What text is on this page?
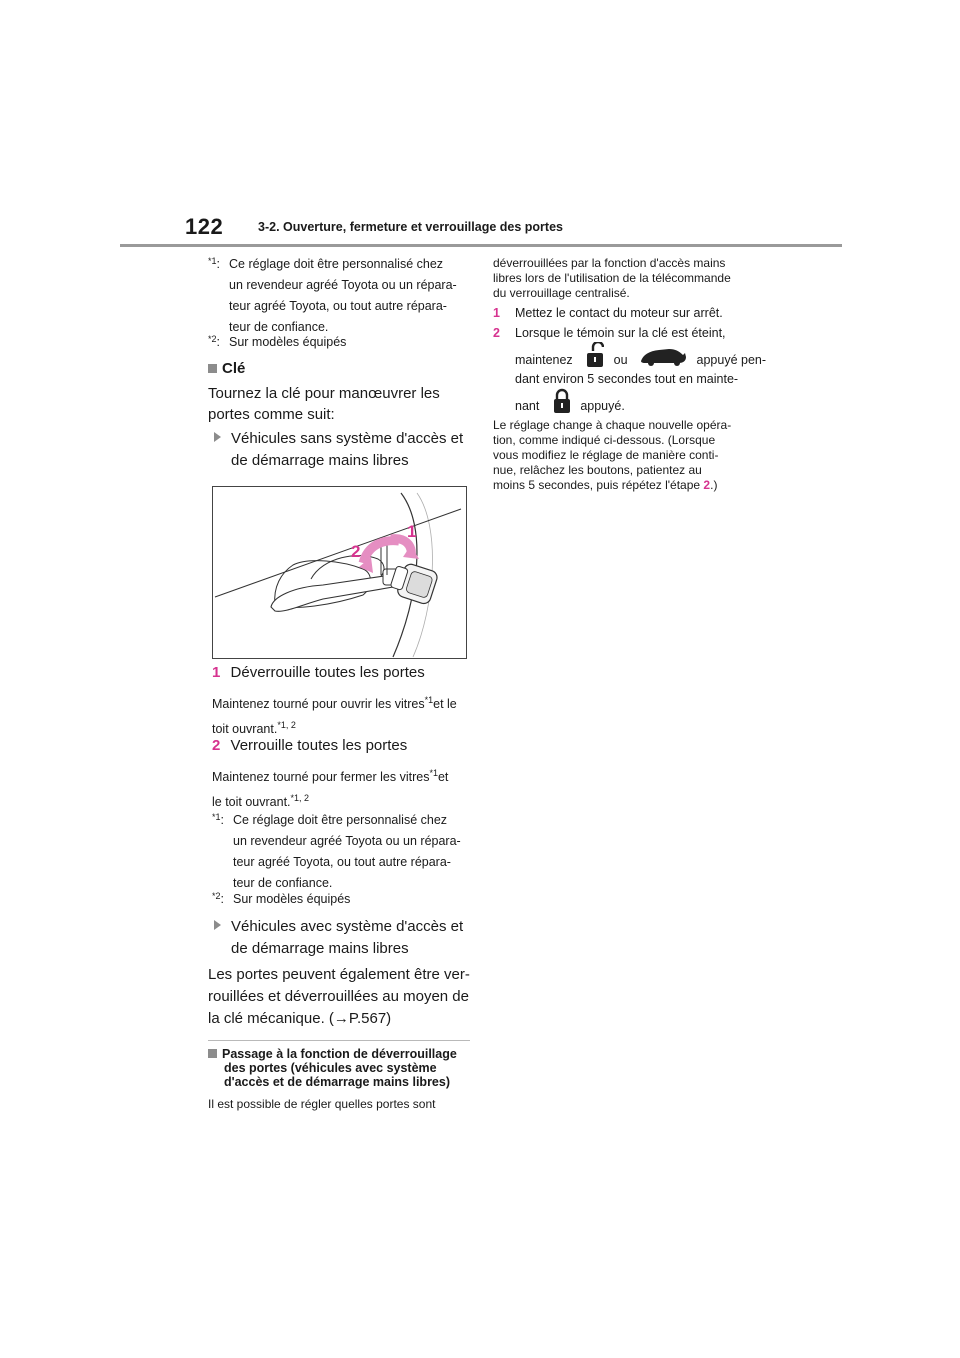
122	3-2. Ouverture, fermeture et verrouillage des portes
$^{*1}$: Ce réglage doit être personnalisé chez
un revendeur agréé Toyota ou un répara-
teur agréé Toyota, ou tout autre répara-
teur de confiance.
$^{*2}$: Sur modèles équipés
Clé
Tournez la clé pour manœuvrer les
portes comme suit:
Véhicules sans système d'accès et
de démarrage mains libres
1
2
1 Déverrouille toutes les portes
Maintenez tourné pour ouvrir les vitres$^{*1}$et le
toit ouvrant.$^{*1, 2}$
2 Verrouille toutes les portes
Maintenez tourné pour fermer les vitres$^{*1}$et
le toit ouvrant.$^{*1, 2}$
$^{*1}$: Ce réglage doit être personnalisé chez
un revendeur agréé Toyota ou un répara-
teur agréé Toyota, ou tout autre répara-
teur de confiance.
$^{*2}$: Sur modèles équipés
Véhicules avec système d'accès et
de démarrage mains libres
Les portes peuvent également être ver-
rouillées et déverrouillées au moyen de
la clé mécanique. (→P.567)
Passage à la fonction de déverrouillage
des portes (véhicules avec système
d'accès et de démarrage mains libres)
Il est possible de régler quelles portes sont
déverrouillées par la fonction d'accès mains
libres lors de l'utilisation de la télécommande
du verrouillage centralisé.
1 Mettez le contact du moteur sur arrêt.
2 Lorsque le témoin sur la clé est éteint,
maintenez	ou	appuyé pen-
dant environ 5 secondes tout en mainte-
nant	appuyé.
Le réglage change à chaque nouvelle opéra-
tion, comme indiqué ci-dessous. (Lorsque
vous modifiez le réglage de manière conti-
nue, relâchez les boutons, patientez au
moins 5 secondes, puis répétez l'étape 2.)
